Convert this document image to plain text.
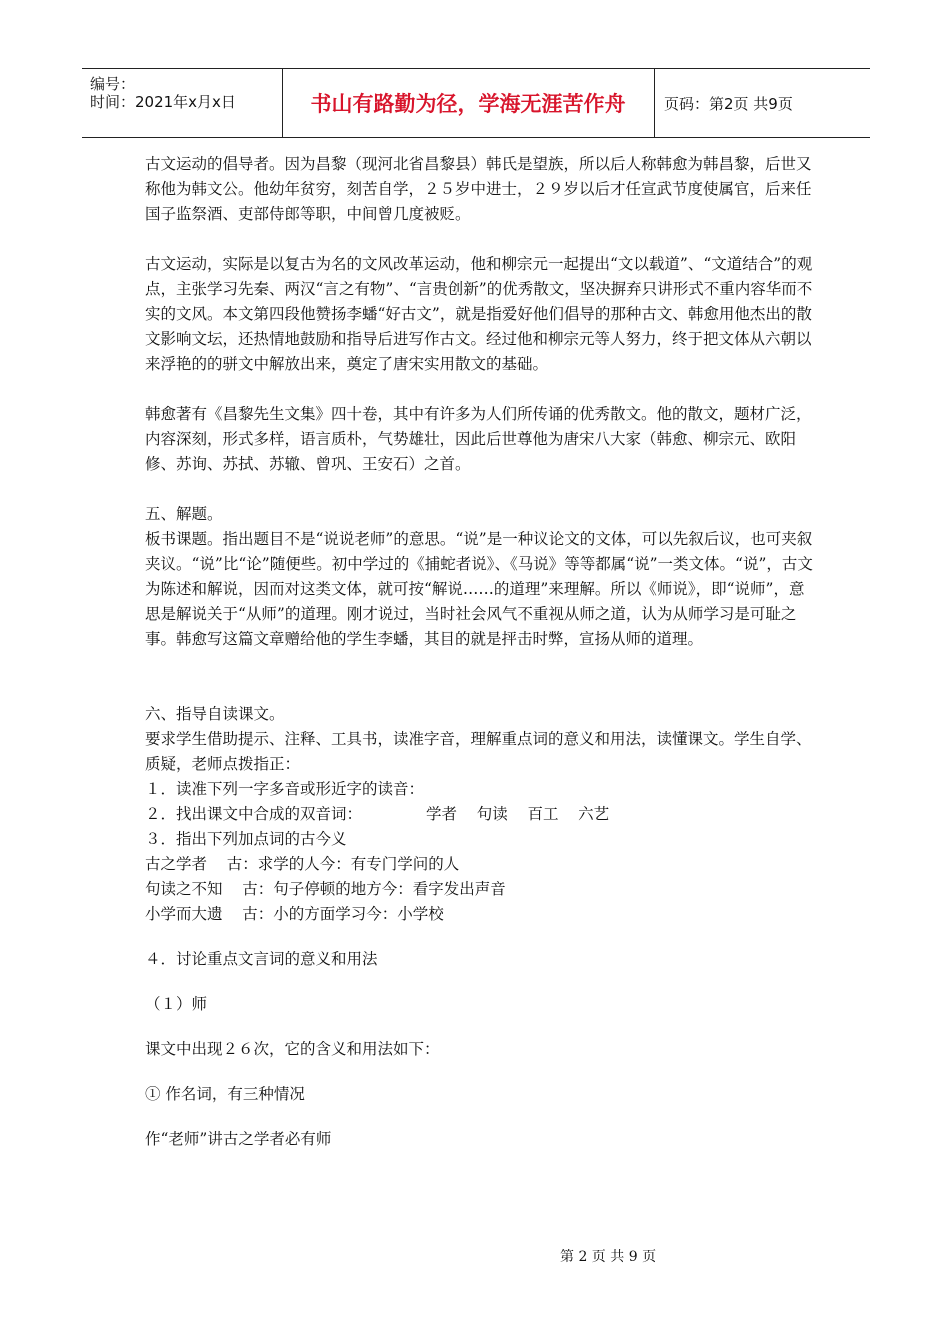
编号：
时间：2021年x月x日	书山有路勤为径，学海无涯苦作舟	页码：第2页 共9页

古文运动的倡导者。因为昌黎（现河北省昌黎县）韩氏是望族，所以后人称韩愈为韩昌黎，后世又称他为韩文公。他幼年贫穷，刻苦自学，２５岁中进士，２９岁以后才任宣武节度使属官，后来任国子监祭酒、吏部侍郎等职，中间曾几度被贬。

古文运动，实际是以复古为名的文风改革运动，他和柳宗元一起提出“文以载道”、“文道结合”的观点，主张学习先秦、两汉“言之有物”、“言贵创新”的优秀散文，坚决摒弃只讲形式不重内容华而不实的文风。本文第四段他赞扬李蟠“好古文”，就是指爱好他们倡导的那种古文、韩愈用他杰出的散文影响文坛，还热情地鼓励和指导后进写作古文。经过他和柳宗元等人努力，终于把文体从六朝以来浮艳的的骈文中解放出来，奠定了唐宋实用散文的基础。

韩愈著有《昌黎先生文集》四十卷，其中有许多为人们所传诵的优秀散文。他的散文，题材广泛，内容深刻，形式多样，语言质朴，气势雄壮，因此后世尊他为唐宋八大家（韩愈、柳宗元、欧阳修、苏询、苏拭、苏辙、曾巩、王安石）之首。

五、解题。

板书课题。指出题目不是“说说老师”的意思。“说”是一种议论文的文体，可以先叙后议，也可夹叙夹议。“说”比“论”随便些。初中学过的《捕蛇者说》、《马说》等等都属“说”一类文体。“说”，古文为陈述和解说，因而对这类文体，就可按“解说……的道理”来理解。所以《师说》，即“说师”，意思是解说关于“从师”的道理。刚才说过，当时社会风气不重视从师之道，认为从师学习是可耻之事。韩愈写这篇文章赠给他的学生李蟠，其目的就是抨击时弊，宣扬从师的道理。

六、指导自读课文。

要求学生借助提示、注释、工具书，读准字音，理解重点词的意义和用法，读懂课文。学生自学、质疑，老师点拨指正：

１．读准下列一字多音或形近字的读音：

２．找出课文中合成的双音词：             学者    句读    百工    六艺

３．指出下列加点词的古今义

古之学者    古：求学的人今：有专门学问的人

句读之不知    古：句子停顿的地方今：看字发出声音

小学而大遗    古：小的方面学习今：小学校

４．讨论重点文言词的意义和用法

（１）师

课文中出现２６次，它的含义和用法如下：

① 作名词，有三种情况

作“老师”讲古之学者必有师

第 2 页 共 9 页
